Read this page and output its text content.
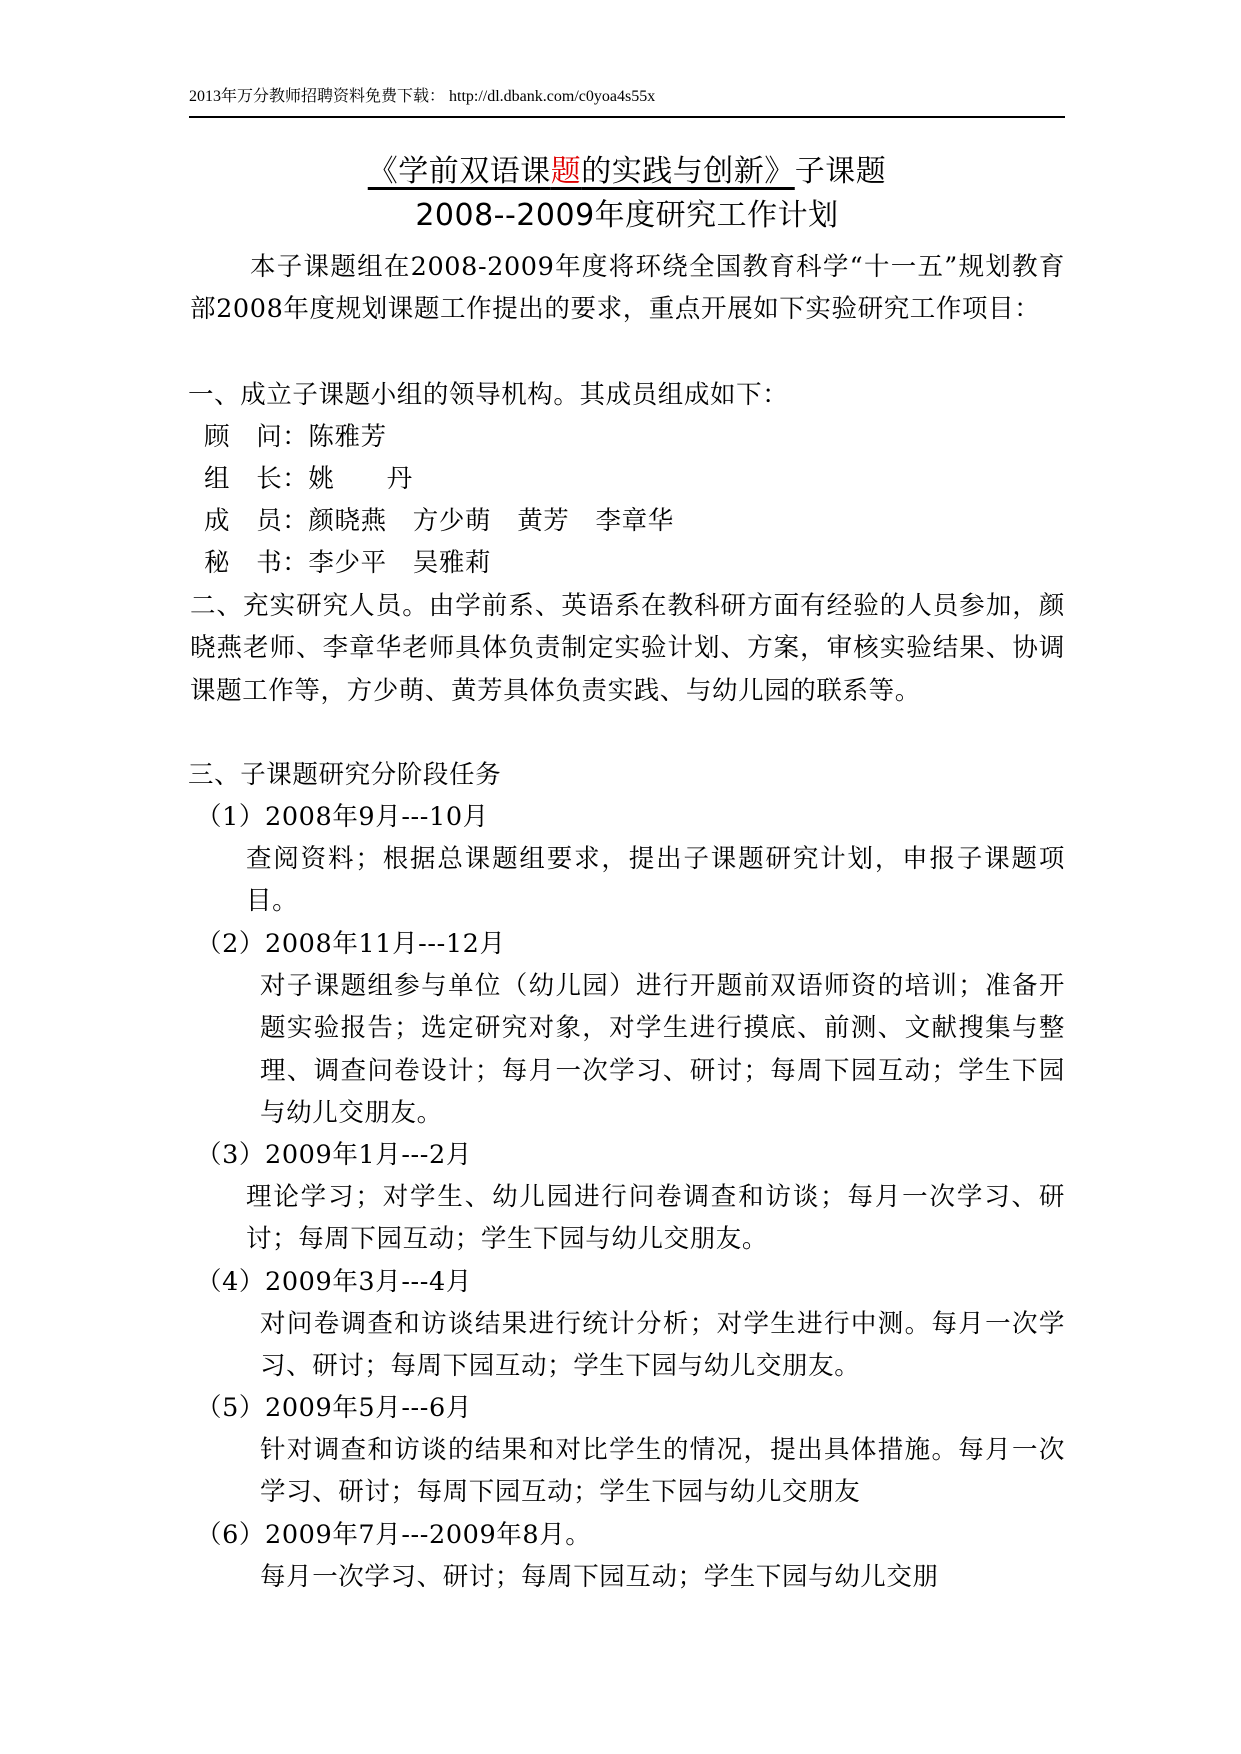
2013年万分教师招聘资料免费下载： http://dl.dbank.com/c0yoa4s55x
《学前双语课题的实践与创新》子课题
2008--2009年度研究工作计划
本子课题组在2008-2009年度将环绕全国教育科学“十一五”规划教育部2008年度规划课题工作提出的要求，重点开展如下实验研究工作项目：
一、成立子课题小组的领导机构。其成员组成如下：
顾　问：陈雅芳
组　长：姚　　丹
成　员：颜晓燕　方少萌　黄芳　李章华
秘　书：李少平　吴雅莉
二、充实研究人员。由学前系、英语系在教科研方面有经验的人员参加，颜晓燕老师、李章华老师具体负责制定实验计划、方案，审核实验结果、协调课题工作等，方少萌、黄芳具体负责实践、与幼儿园的联系等。
三、子课题研究分阶段任务
（1）2008年9月---10月
查阅资料；根据总课题组要求，提出子课题研究计划，申报子课题项目。
（2）2008年11月---12月
对子课题组参与单位（幼儿园）进行开题前双语师资的培训；准备开题实验报告；选定研究对象，对学生进行摸底、前测、文献搜集与整理、调查问卷设计；每月一次学习、研讨；每周下园互动；学生下园与幼儿交朋友。
（3）2009年1月---2月
理论学习；对学生、幼儿园进行问卷调查和访谈；每月一次学习、研讨；每周下园互动；学生下园与幼儿交朋友。
（4）2009年3月---4月
对问卷调查和访谈结果进行统计分析；对学生进行中测。每月一次学习、研讨；每周下园互动；学生下园与幼儿交朋友。
（5）2009年5月---6月
针对调查和访谈的结果和对比学生的情况，提出具体措施。每月一次学习、研讨；每周下园互动；学生下园与幼儿交朋友
（6）2009年7月---2009年8月。
每月一次学习、研讨；每周下园互动；学生下园与幼儿交朋
